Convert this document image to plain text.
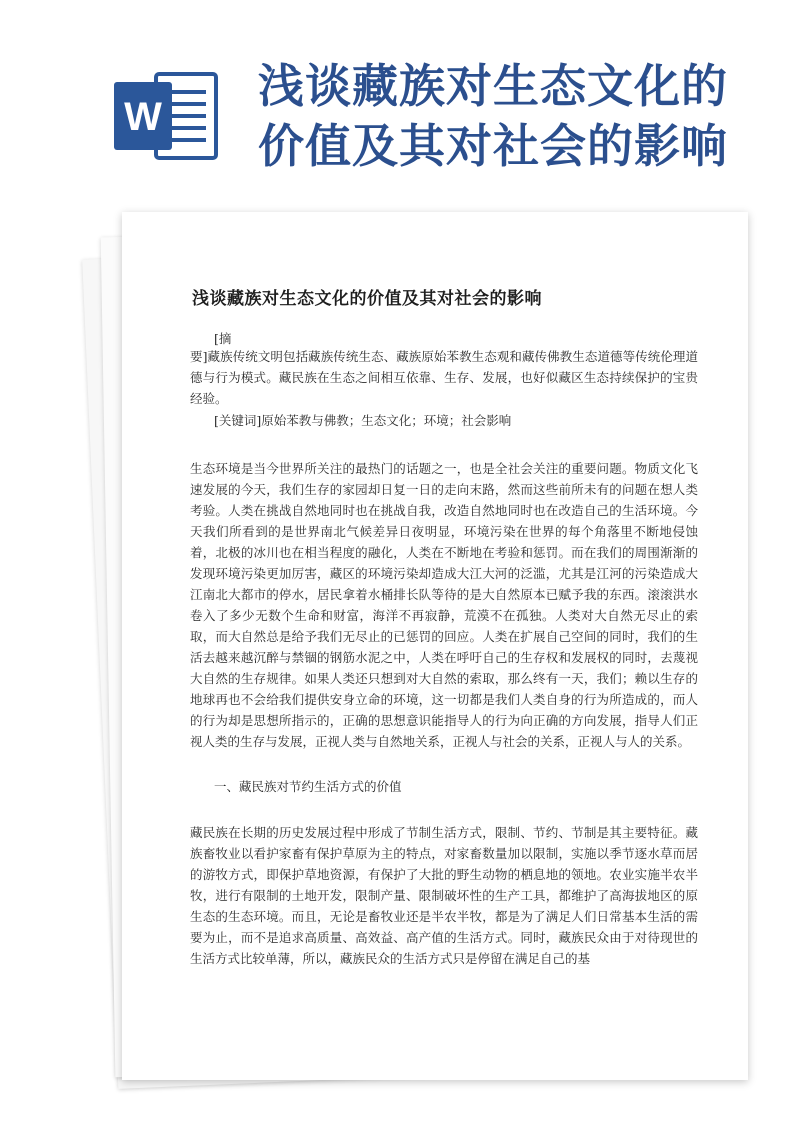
W
浅谈藏族对生态文化的
价值及其对社会的影响
浅谈藏族对生态文化的价值及其对社会的影响
[摘
要]藏族传统文明包括藏族传统生态、藏族原始苯教生态观和藏传佛教生态道德等传统伦理道德与行为模式。藏民族在生态之间相互依靠、生存、发展，也好似藏区生态持续保护的宝贵经验。
[关键词]原始苯教与佛教；生态文化；环境；社会影响
生态环境是当今世界所关注的最热门的话题之一，也是全社会关注的重要问题。物质文化飞速发展的今天，我们生存的家园却日复一日的走向末路，然而这些前所未有的问题在想人类考验。人类在挑战自然地同时也在挑战自我，改造自然地同时也在改造自己的生活环境。今天我们所看到的是世界南北气候差异日夜明显，环境污染在世界的每个角落里不断地侵蚀着，北极的冰川也在相当程度的融化，人类在不断地在考验和惩罚。而在我们的周围渐渐的发现环境污染更加厉害，藏区的环境污染却造成大江大河的泛滥，尤其是江河的污染造成大江南北大都市的停水，居民拿着水桶排长队等待的是大自然原本已赋予我的东西。滚滚洪水卷入了多少无数个生命和财富，海洋不再寂静，荒漠不在孤独。人类对大自然无尽止的索取，而大自然总是给予我们无尽止的已惩罚的回应。人类在扩展自己空间的同时，我们的生活去越来越沉醉与禁锢的钢筋水泥之中，人类在呼吁自己的生存权和发展权的同时，去蔑视大自然的生存规律。如果人类还只想到对大自然的索取，那么终有一天，我们；赖以生存的地球再也不会给我们提供安身立命的环境，这一切都是我们人类自身的行为所造成的，而人的行为却是思想所指示的，正确的思想意识能指导人的行为向正确的方向发展，指导人们正视人类的生存与发展，正视人类与自然地关系，正视人与社会的关系，正视人与人的关系。
一、藏民族对节约生活方式的价值
藏民族在长期的历史发展过程中形成了节制生活方式，限制、节约、节制是其主要特征。藏族畜牧业以看护家畜有保护草原为主的特点，对家畜数量加以限制，实施以季节逐水草而居的游牧方式，即保护草地资源，有保护了大批的野生动物的栖息地的领地。农业实施半农半牧，进行有限制的土地开发，限制产量、限制破坏性的生产工具，都维护了高海拔地区的原生态的生态环境。而且，无论是畜牧业还是半农半牧，都是为了满足人们日常基本生活的需要为止，而不是追求高质量、高效益、高产值的生活方式。同时，藏族民众由于对待现世的生活方式比较单薄，所以，藏族民众的生活方式只是停留在满足自己的基
